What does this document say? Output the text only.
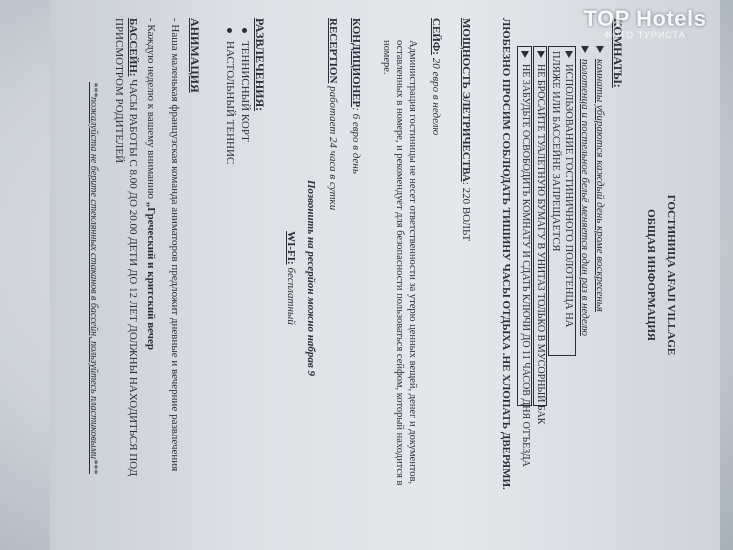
ГОСТИНИЦА AFAJI VILLAGE
ОБЩАЯ ИНФОРМАЦИЯ
КОМНАТЫ:
комнаты убираются каждый день кроме воскресенья
полотенца и постельное бельё меняется один раз в неделю
ИСПОЛЬЗОВАНИЕ ГОСТИНИЧНОГО ПОЛОТЕНЦА НА ПЛЯЖЕ ИЛИ БАССЕЙНЕ ЗАПРЕЩАЕТСЯ
НЕ БРОСАЙТЕ ТУАЛЕТНУЮ БУМАГУ В УНИТАЗ ТОЛЬКО В МУСОРНЫЙ БАК
НЕ ЗАБУДЬТЕ ОСВОБОДИТЬ КОМНАТУ И СДАТЬ КЛЮЧИ ДО 11 ЧАСОВ ДНЯ ОТЪЕЗДА
ЛЮБЕЗНО ПРОСИМ СОБЛЮДАТЬ ТИШИНУ ЧАСЫ ОТДЫХА .НЕ ХЛОПАТЬ ДВЕРЯМИ.
МОЩНОСТЬ ЭЛЕТРИЧЕСТВА: 220 ВОЛЬТ
СЕЙФ: 20 евро в неделю
Администрация гостиницы не несет ответственности за утерю ценных вещей, денег и документов, оставленных в номере, и рекомендует для безопасности пользоваться сейфом, который находится в номере.
КОНДИЦИОНЕР: 6 евро в день
RECEPTION работает 24 часа в сутки
Позвонить на ресерйон можно набрав 9
WI-FI: бесплатный
РАЗВЛЕЧЕНИЯ:
ТЕННИСНЫЙ КОРТ
НАСТОЛЬНЫЙ ТЕННИС
АНИМАЦИЯ
- Наша маленькая французская команда аниматоров предложит дневные и вечерние развлечения
- Каждую неделю к вашему вниманию „Греческий и критский вечер
БАССЕЙН: ЧАСЫ РАБОТЫ С 8.00 ДО 20.00 ДЕТИ ДО 12 ЛЕТ ДОЛЖНЫ НАХОДИТЬСЯ ПОД ПРИСМОТРОМ РОДИТЕЛЕЙ
***пожалуйста не берите стеклянных стаканов в бассейн, пользуйтесь пластиковыми***
TOP Hotels
ФОТО ТУРИСТА
